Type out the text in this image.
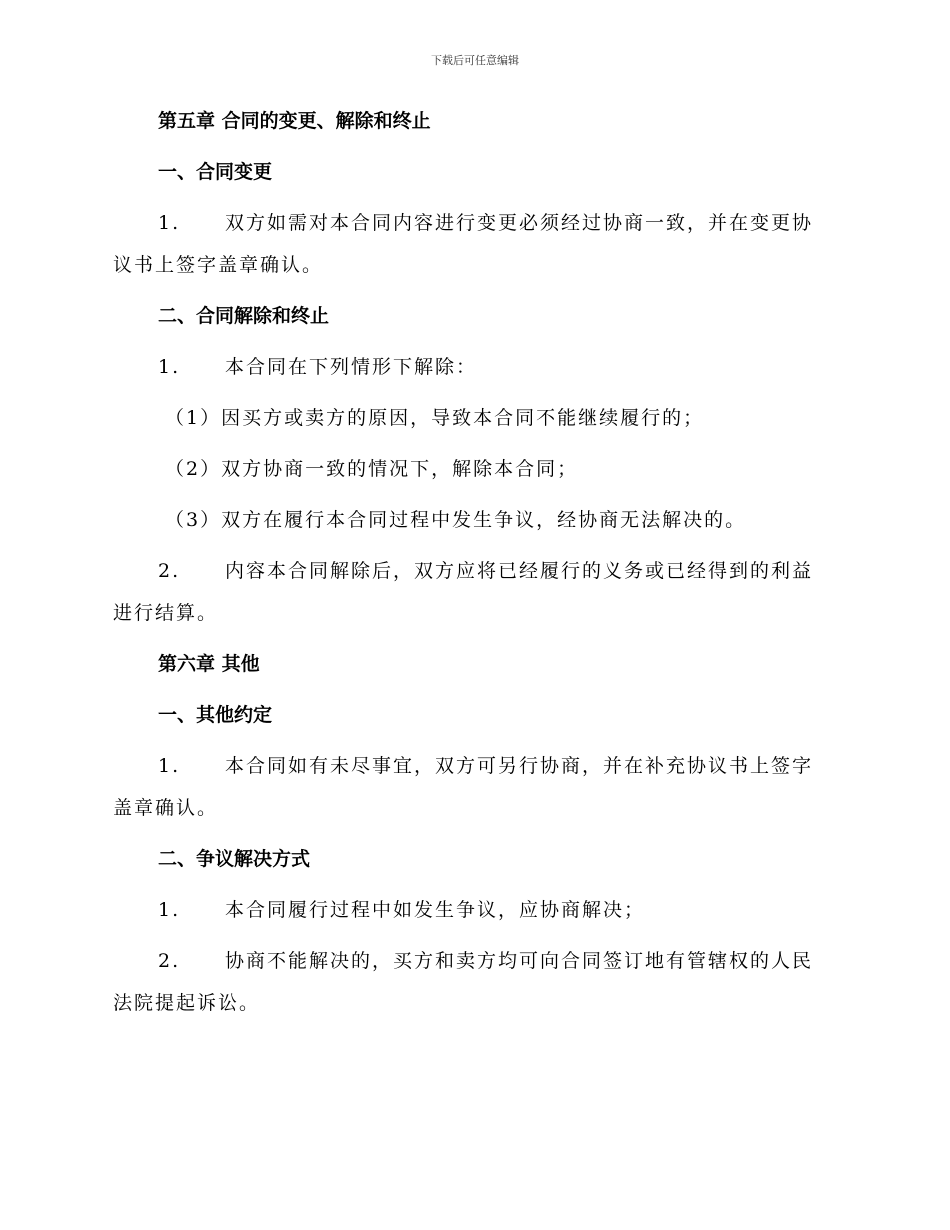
下载后可任意编辑

第五章 合同的变更、解除和终止

一、合同变更

1. 双方如需对本合同内容进行变更必须经过协商一致，并在变更协
议书上签字盖章确认。

二、合同解除和终止

1. 本合同在下列情形下解除：

（1）因买方或卖方的原因，导致本合同不能继续履行的；

（2）双方协商一致的情况下，解除本合同；

（3）双方在履行本合同过程中发生争议，经协商无法解决的。

2. 内容本合同解除后，双方应将已经履行的义务或已经得到的利益
进行结算。

第六章 其他

一、其他约定

1. 本合同如有未尽事宜，双方可另行协商，并在补充协议书上签字
盖章确认。

二、争议解决方式

1. 本合同履行过程中如发生争议，应协商解决；
2. 协商不能解决的，买方和卖方均可向合同签订地有管辖权的人民
法院提起诉讼。
